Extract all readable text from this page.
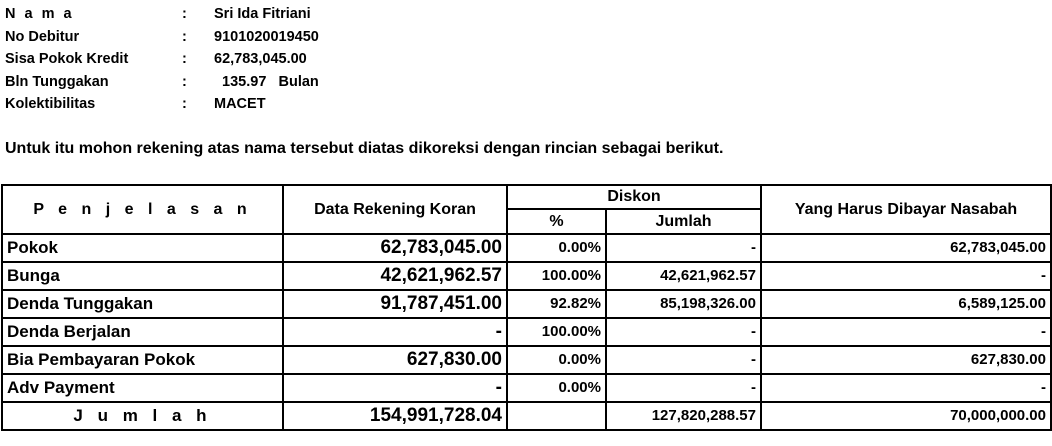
N a m a	: Sri Ida Fitriani
No Debitur	: 9101020019450
Sisa Pokok Kredit	: 62,783,045.00
Bln Tunggakan	: 135.97   Bulan
Kolektibilitas	: MACET
Untuk itu mohon rekening atas nama tersebut diatas dikoreksi dengan rincian sebagai berikut.
P e n j e l a s a n	Data Rekening Koran	Diskon		Yang Harus Dibayar Nasabah
		%	Jumlah	
Pokok	62,783,045.00	0.00%	-	62,783,045.00
Bunga	42,621,962.57	100.00%	42,621,962.57	-
Denda Tunggakan	91,787,451.00	92.82%	85,198,326.00	6,589,125.00
Denda Berjalan	-	100.00%	-	-
Bia Pembayaran Pokok	627,830.00	0.00%	-	627,830.00
Adv Payment	-	0.00%	-	-
J u m l a h	154,991,728.04		127,820,288.57	70,000,000.00
